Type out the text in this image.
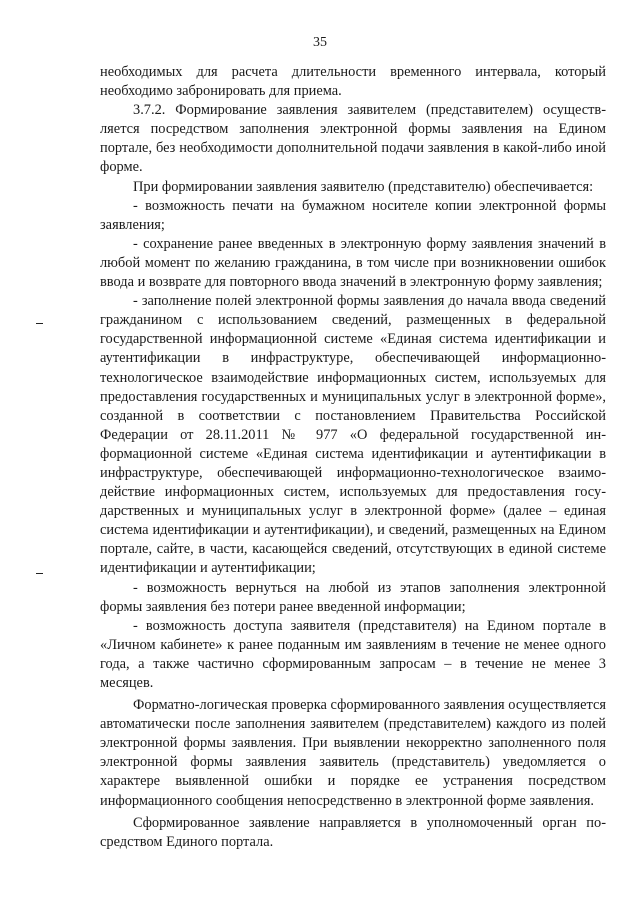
35

необходимых для расчета длительности временного интервала, который необходимо забронировать для приема.

3.7.2. Формирование заявления заявителем (представителем) осуществляется посредством заполнения электронной формы заявления на Едином портале, без необходимости дополнительной подачи заявления в какой-либо иной форме.

При формировании заявления заявителю (представителю) обеспечивается:

- возможность печати на бумажном носителе копии электронной формы заявления;

- сохранение ранее введенных в электронную форму заявления значений в любой момент по желанию гражданина, в том числе при возникновении ошибок ввода и возврате для повторного ввода значений в электронную форму заявления;

- заполнение полей электронной формы заявления до начала ввода сведений гражданином с использованием сведений, размещенных в федеральной государственной информационной системе «Единая система идентификации и аутентификации в инфраструктуре, обеспечивающей информационно-технологическое взаимодействие информационных систем, используемых для предоставления государственных и муниципальных услуг в электронной форме», созданной в соответствии с постановлением Правительства Российской Федерации от 28.11.2011 № 977 «О федеральной государственной информационной системе «Единая система идентификации и аутентификации в инфраструктуре, обеспечивающей информационно-технологическое взаимодействие информационных систем, используемых для предоставления государственных и муниципальных услуг в электронной форме» (далее – единая система идентификации и аутентификации), и сведений, размещенных на Едином портале, сайте, в части, касающейся сведений, отсутствующих в единой системе идентификации и аутентификации;

- возможность вернуться на любой из этапов заполнения электронной формы заявления без потери ранее введенной информации;

- возможность доступа заявителя (представителя) на Едином портале в «Личном кабинете» к ранее поданным им заявлениям в течение не менее одного года, а также частично сформированным запросам – в течение не менее 3 месяцев.

Форматно-логическая проверка сформированного заявления осуществляется автоматически после заполнения заявителем (представителем) каждого из полей электронной формы заявления. При выявлении некорректно заполненного поля электронной формы заявления заявитель (представитель) уведомляется о характере выявленной ошибки и порядке ее устранения посредством информационного сообщения непосредственно в электронной форме заявления.

Сформированное заявление направляется в уполномоченный орган посредством Единого портала.
